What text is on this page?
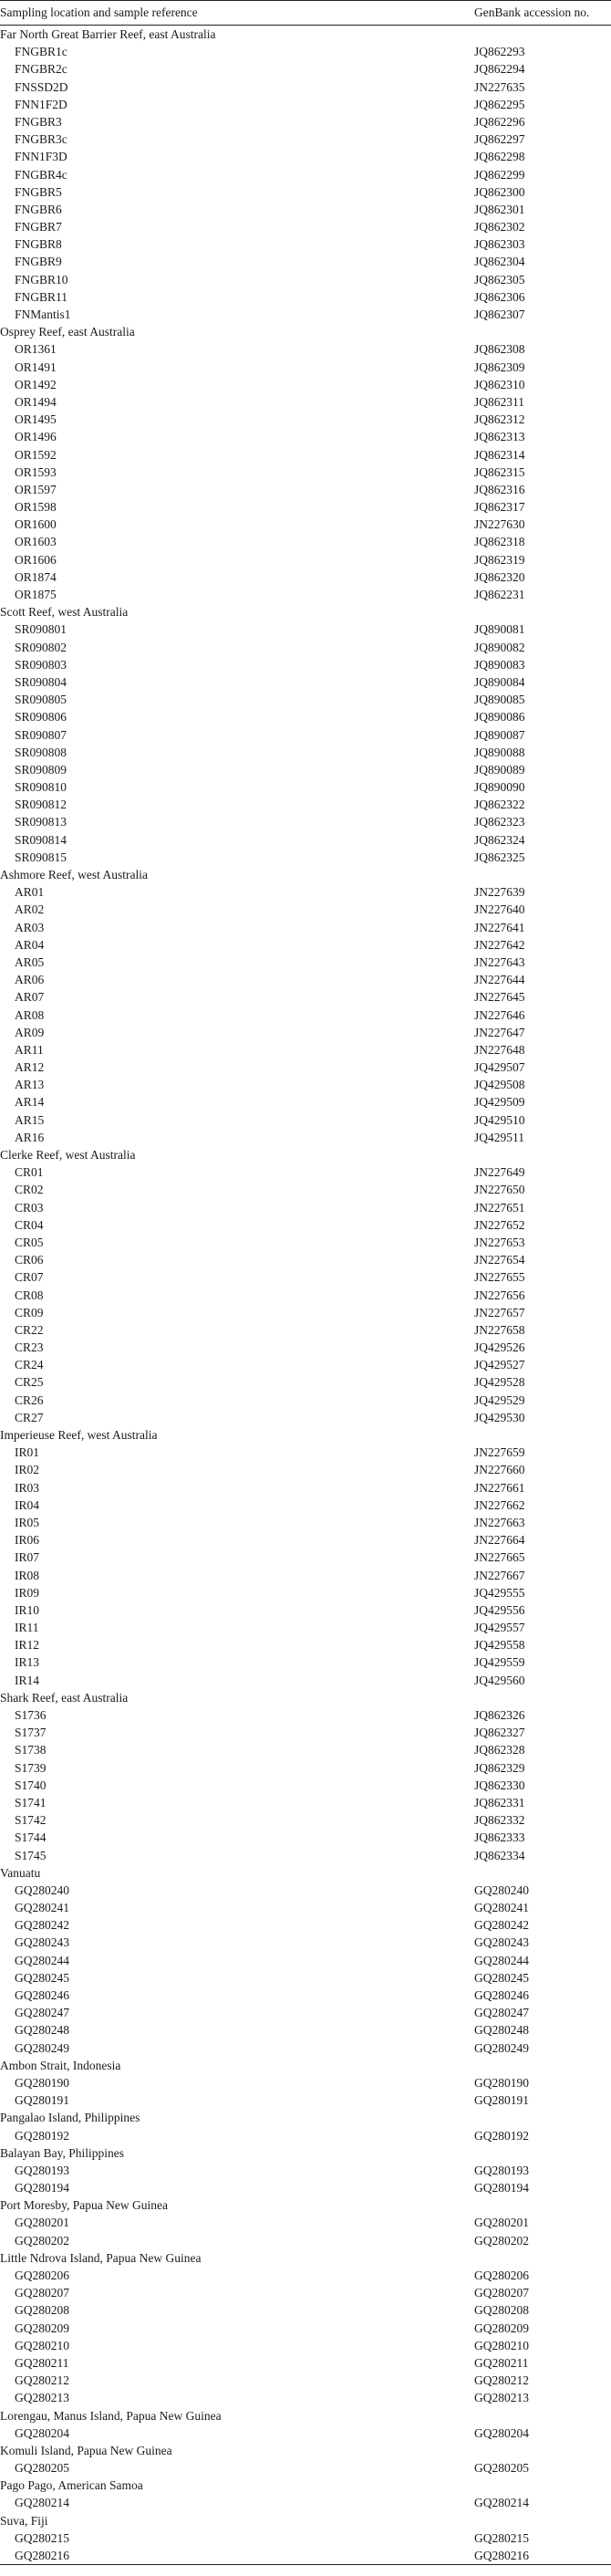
Sampling location and sample reference	GenBank accession no.
Far North Great Barrier Reef, east Australia
FNGBR1c	JQ862293
FNGBR2c	JQ862294
FNSSD2D	JN227635
FNN1F2D	JQ862295
FNGBR3	JQ862296
FNGBR3c	JQ862297
FNN1F3D	JQ862298
FNGBR4c	JQ862299
FNGBR5	JQ862300
FNGBR6	JQ862301
FNGBR7	JQ862302
FNGBR8	JQ862303
FNGBR9	JQ862304
FNGBR10	JQ862305
FNGBR11	JQ862306
FNMantis1	JQ862307
Osprey Reef, east Australia
OR1361	JQ862308
OR1491	JQ862309
OR1492	JQ862310
OR1494	JQ862311
OR1495	JQ862312
OR1496	JQ862313
OR1592	JQ862314
OR1593	JQ862315
OR1597	JQ862316
OR1598	JQ862317
OR1600	JN227630
OR1603	JQ862318
OR1606	JQ862319
OR1874	JQ862320
OR1875	JQ862231
Scott Reef, west Australia
SR090801	JQ890081
SR090802	JQ890082
SR090803	JQ890083
SR090804	JQ890084
SR090805	JQ890085
SR090806	JQ890086
SR090807	JQ890087
SR090808	JQ890088
SR090809	JQ890089
SR090810	JQ890090
SR090812	JQ862322
SR090813	JQ862323
SR090814	JQ862324
SR090815	JQ862325
Ashmore Reef, west Australia
AR01	JN227639
AR02	JN227640
AR03	JN227641
AR04	JN227642
AR05	JN227643
AR06	JN227644
AR07	JN227645
AR08	JN227646
AR09	JN227647
AR11	JN227648
AR12	JQ429507
AR13	JQ429508
AR14	JQ429509
AR15	JQ429510
AR16	JQ429511
Clerke Reef, west Australia
CR01	JN227649
CR02	JN227650
CR03	JN227651
CR04	JN227652
CR05	JN227653
CR06	JN227654
CR07	JN227655
CR08	JN227656
CR09	JN227657
CR22	JN227658
CR23	JQ429526
CR24	JQ429527
CR25	JQ429528
CR26	JQ429529
CR27	JQ429530
Imperieuse Reef, west Australia
IR01	JN227659
IR02	JN227660
IR03	JN227661
IR04	JN227662
IR05	JN227663
IR06	JN227664
IR07	JN227665
IR08	JN227667
IR09	JQ429555
IR10	JQ429556
IR11	JQ429557
IR12	JQ429558
IR13	JQ429559
IR14	JQ429560
Shark Reef, east Australia
S1736	JQ862326
S1737	JQ862327
S1738	JQ862328
S1739	JQ862329
S1740	JQ862330
S1741	JQ862331
S1742	JQ862332
S1744	JQ862333
S1745	JQ862334
Vanuatu
GQ280240	GQ280240
GQ280241	GQ280241
GQ280242	GQ280242
GQ280243	GQ280243
GQ280244	GQ280244
GQ280245	GQ280245
GQ280246	GQ280246
GQ280247	GQ280247
GQ280248	GQ280248
GQ280249	GQ280249
Ambon Strait, Indonesia
GQ280190	GQ280190
GQ280191	GQ280191
Pangalao Island, Philippines
GQ280192	GQ280192
Balayan Bay, Philippines
GQ280193	GQ280193
GQ280194	GQ280194
Port Moresby, Papua New Guinea
GQ280201	GQ280201
GQ280202	GQ280202
Little Ndrova Island, Papua New Guinea
GQ280206	GQ280206
GQ280207	GQ280207
GQ280208	GQ280208
GQ280209	GQ280209
GQ280210	GQ280210
GQ280211	GQ280211
GQ280212	GQ280212
GQ280213	GQ280213
Lorengau, Manus Island, Papua New Guinea
GQ280204	GQ280204
Komuli Island, Papua New Guinea
GQ280205	GQ280205
Pago Pago, American Samoa
GQ280214	GQ280214
Suva, Fiji
GQ280215	GQ280215
GQ280216	GQ280216
